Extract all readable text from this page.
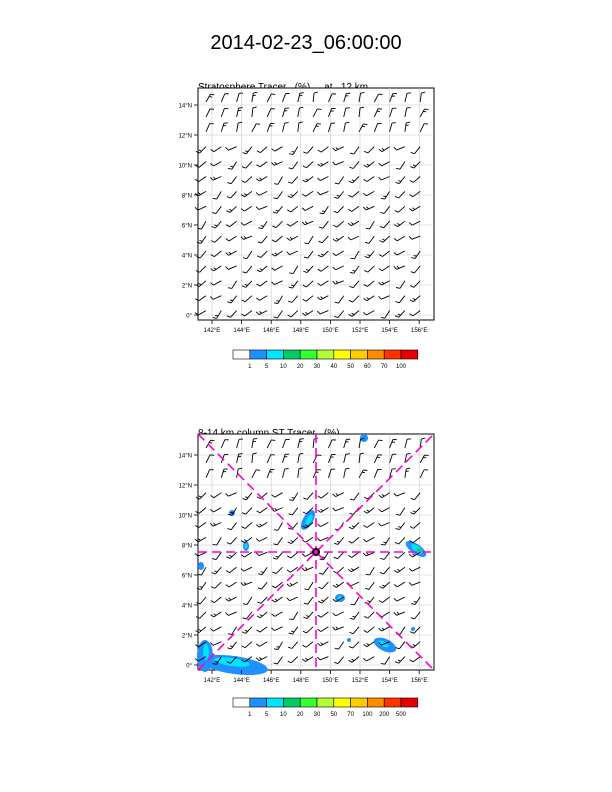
2014-02-23_06:00:00

14°N
12°N
10°N
8°N
6°N
4°N
2°N
0°
142°E 144°E 146°E 148°E 150°E 152°E 154°E 156°E
1 5 10 20 30 40 50 60 70 100
14°N
12°N
10°N
8°N
6°N
4°N
2°N
0°
142°E 144°E 146°E 148°E 150°E 152°E 154°E 156°E
1 5 10 20 30 50 70 100 200 500
